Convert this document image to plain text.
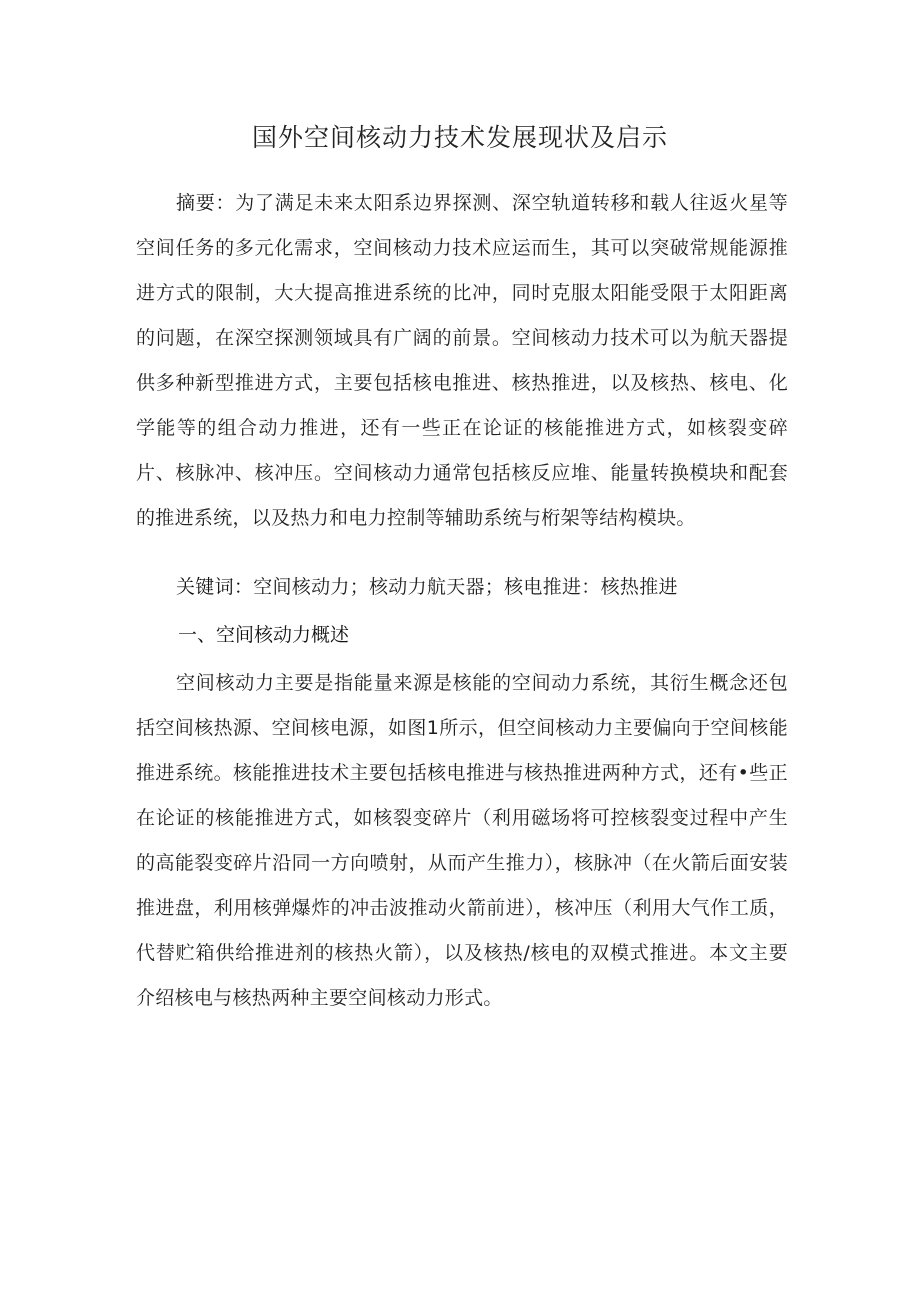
国外空间核动力技术发展现状及启示

摘要：为了满足未来太阳系边界探测、深空轨道转移和载人往返火星等空间任务的多元化需求，空间核动力技术应运而生，其可以突破常规能源推进方式的限制，大大提高推进系统的比冲，同时克服太阳能受限于太阳距离的问题，在深空探测领域具有广阔的前景。空间核动力技术可以为航天器提供多种新型推进方式，主要包括核电推进、核热推进，以及核热、核电、化学能等的组合动力推进，还有一些正在论证的核能推进方式，如核裂变碎片、核脉冲、核冲压。空间核动力通常包括核反应堆、能量转换模块和配套的推进系统，以及热力和电力控制等辅助系统与桁架等结构模块。

关键词：空间核动力；核动力航天器；核电推进：核热推进

一、空间核动力概述

空间核动力主要是指能量来源是核能的空间动力系统，其衍生概念还包括空间核热源、空间核电源，如图1所示，但空间核动力主要偏向于空间核能推进系统。核能推进技术主要包括核电推进与核热推进两种方式，还有•些正在论证的核能推进方式，如核裂变碎片（利用磁场将可控核裂变过程中产生的高能裂变碎片沿同一方向喷射，从而产生推力），核脉冲（在火箭后面安装推进盘，利用核弹爆炸的冲击波推动火箭前进），核冲压（利用大气作工质，代替贮箱供给推进剂的核热火箭），以及核热/核电的双模式推进。本文主要介绍核电与核热两种主要空间核动力形式。
